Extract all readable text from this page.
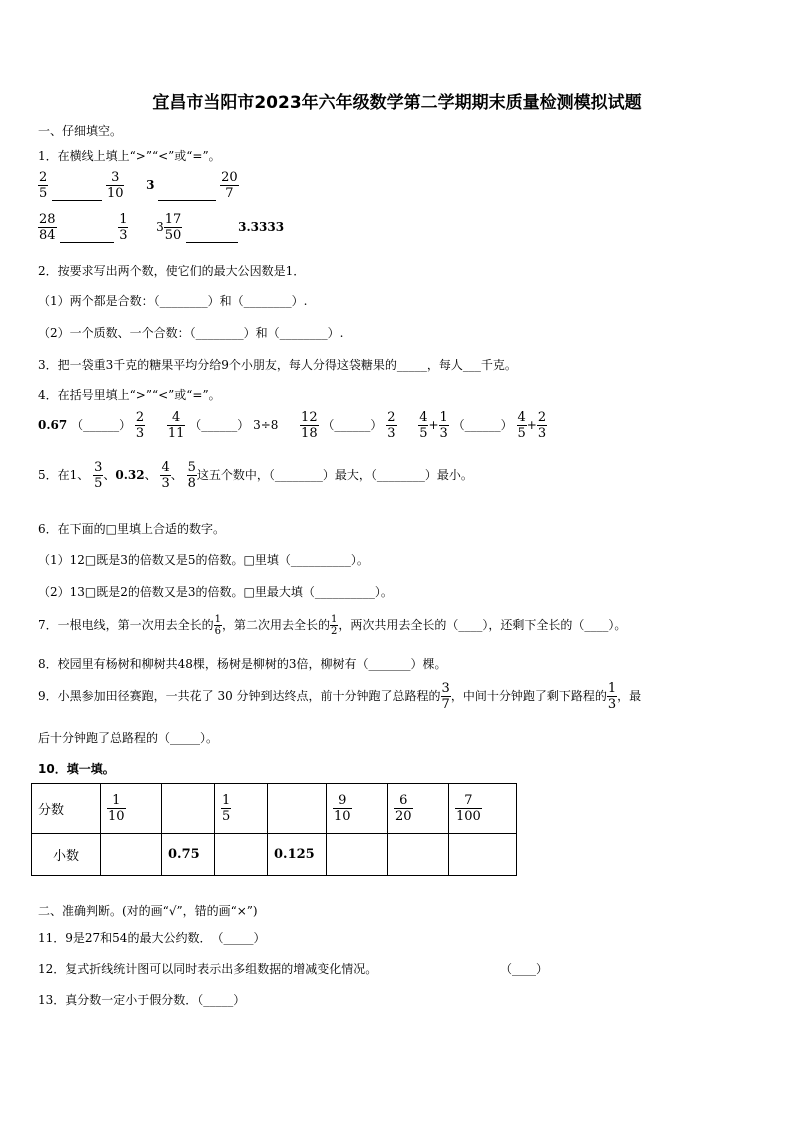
宜昌市当阳市2023年六年级数学第二学期期末质量检测模拟试题
一、仔细填空。
1．在横线上填上“>”“<”或“=”。
$\frac{2}{5}$
	$\frac{3}{10} 3$	$\frac{20}{7}$
$\frac{28}{84}$
	$\frac{1}{3} 3 \frac{17}{50}$	3.3333
2．按要求写出两个数，使它们的最大公因数是1．
（1）两个都是合数：（________）和（________）.
（2）一个质数、一个合数：（________）和（________）.
3．把一袋重3千克的糖果平均分给9个小朋友，每人分得这袋糖果的_____，每人___千克。
4．在括号里填上“>”“<”或“=”。
0.67 （______） $\frac{2}{3}$
$\frac{4}{11}$ （______） $3\div 8 \frac{12}{18}$ （______） $\frac{2}{3}$
$\frac{4}{5} + \frac{1}{3}$ （______） $\frac{4}{5} + \frac{2}{3}$
5．在1、 $\frac{3}{5}$ 、0.32、 $\frac{4}{3}$ 、 $\frac{5}{8}$ 这五个数中，（________）最大，（________）最小。
6．在下面的□里填上合适的数字。
（1）12□既是3的倍数又是5的倍数。□里填（__________）。
（2）13□既是2的倍数又是3的倍数。□里最大填（__________）。
7．一根电线，第一次用去全长的 $\frac{1}{6}$ ，第二次用去全长的 $\frac{1}{2}$ ，两次共用去全长的（____），还剩下全长的（____）。
8．校园里有杨树和柳树共48棵，杨树是柳树的3倍，柳树有（_______）棵。
9．小黑参加田径赛跑，一共花了 30 分钟到达终点，前十分钟跑了总路程的 $\frac{3}{7}$ ，中间十分钟跑了剩下路程的 $\frac{1}{3}$ ，最
后十分钟跑了总路程的（_____）。
10．填一填。
分数	$\frac{1}{10}$		$\frac{1}{5}$		$\frac{9}{10}$	$\frac{6}{20}$	$\frac{7}{100}$

小数		0.75		0.125			
二、准确判断。(对的画“√”，错的画“×”)
11．9是27和54的最大公约数．　（_____）
12．复式折线统计图可以同时表示出多组数据的增减变化情况。	（____）
13．真分数一定小于假分数．（_____）
